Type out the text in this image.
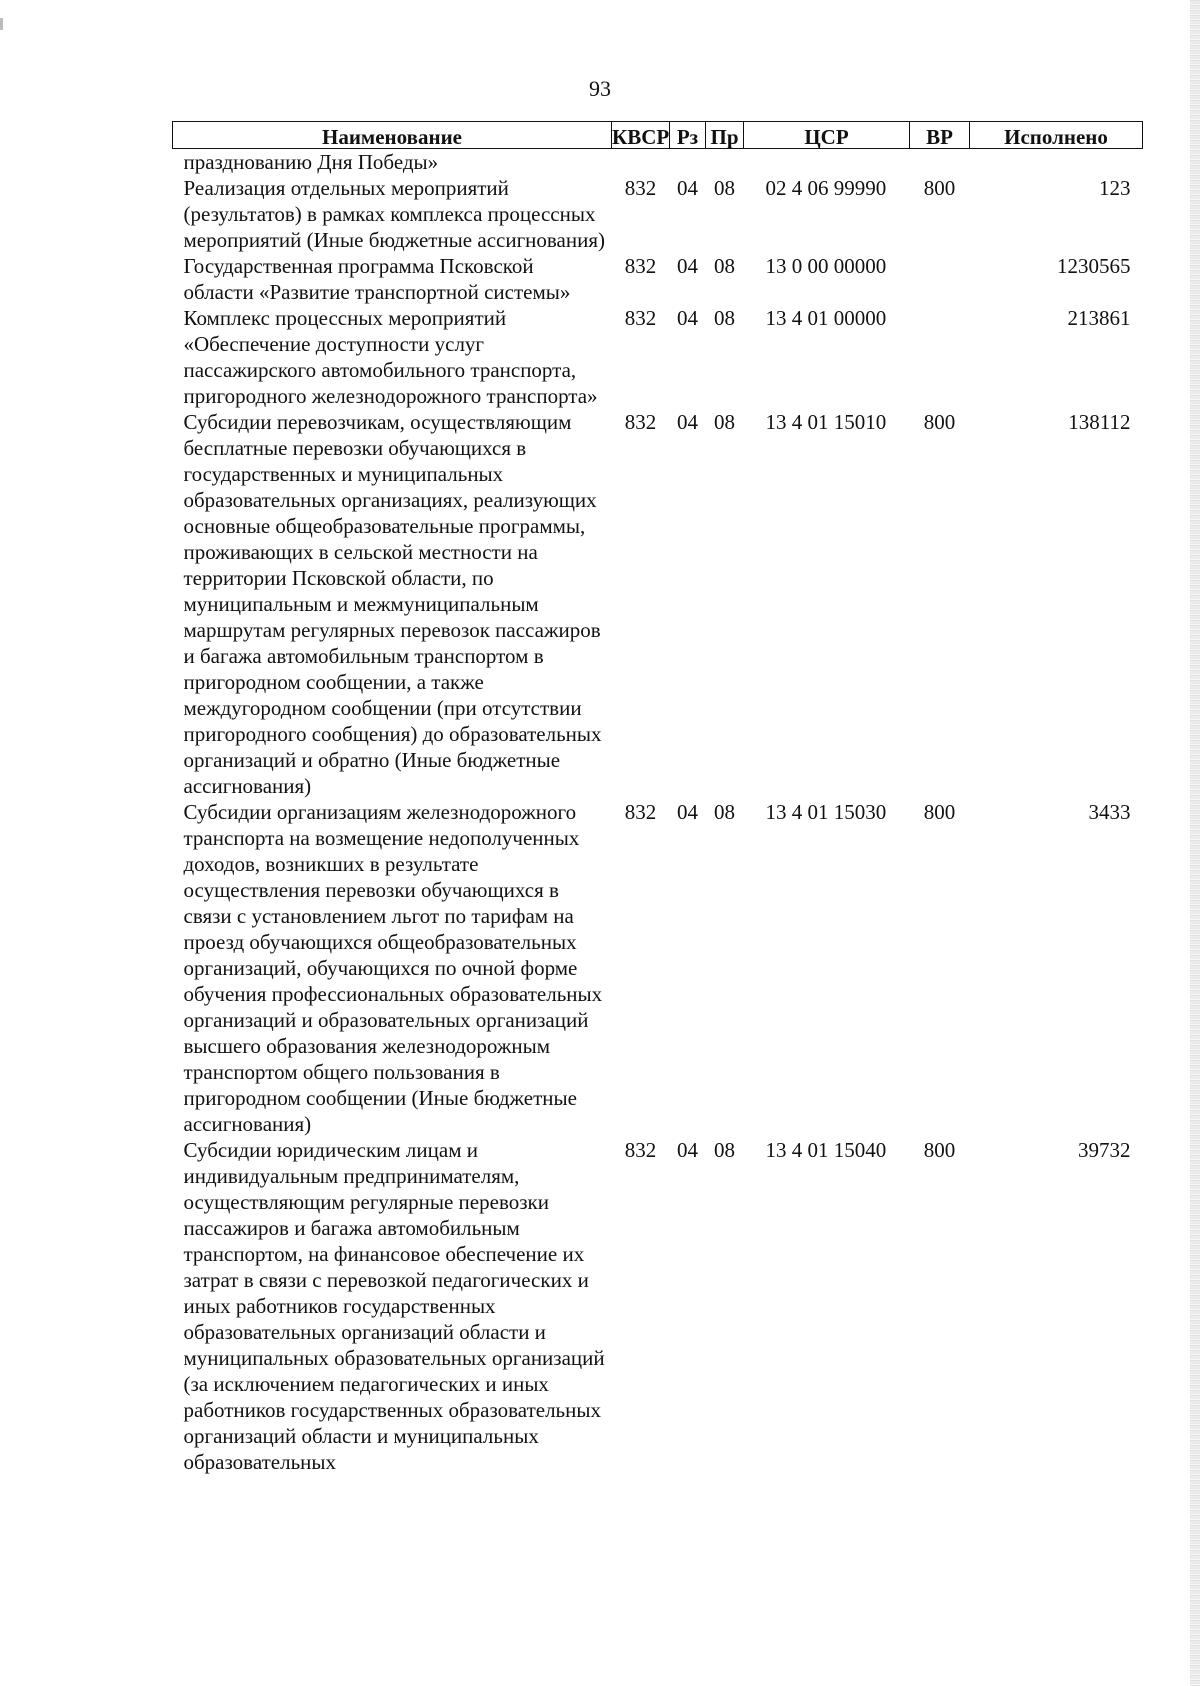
93
Наименование	КВСР	Рз	Пр	ЦСР	ВР	Исполнено
празднованию Дня Победы»						
Реализация отдельных мероприятий (результатов) в рамках комплекса процессных мероприятий (Иные бюджетные ассигнования)	832	04	08	02 4 06 99990	800	123
Государственная программа Псковской области «Развитие транспортной системы»	832	04	08	13 0 00 00000		1230565
Комплекс процессных мероприятий «Обеспечение доступности услуг пассажирского автомобильного транспорта, пригородного железнодорожного транспорта»	832	04	08	13 4 01 00000		213861
Субсидии перевозчикам, осуществляющим бесплатные перевозки обучающихся в государственных и муниципальных образовательных организациях, реализующих основные общеобразовательные программы, проживающих в сельской местности на территории Псковской области, по муниципальным и межмуниципальным маршрутам регулярных перевозок пассажиров и багажа автомобильным транспортом в пригородном сообщении, а также междугородном сообщении (при отсутствии пригородного сообщения) до образовательных организаций и обратно (Иные бюджетные ассигнования)	832	04	08	13 4 01 15010	800	138112
Субсидии организациям железнодорожного транспорта на возмещение недополученных доходов, возникших в результате осуществления перевозки обучающихся в связи с установлением льгот по тарифам на проезд обучающихся общеобразовательных организаций, обучающихся по очной форме обучения профессиональных образовательных организаций и образовательных организаций высшего образования железнодорожным транспортом общего пользования в пригородном сообщении (Иные бюджетные ассигнования)	832	04	08	13 4 01 15030	800	3433
Субсидии юридическим лицам и индивидуальным предпринимателям, осуществляющим регулярные перевозки пассажиров и багажа автомобильным транспортом, на финансовое обеспечение их затрат в связи с перевозкой педагогических и иных работников государственных образовательных организаций области и муниципальных образовательных организаций (за исключением педагогических и иных работников государственных образовательных организаций области и муниципальных образовательных	832	04	08	13 4 01 15040	800	39732
